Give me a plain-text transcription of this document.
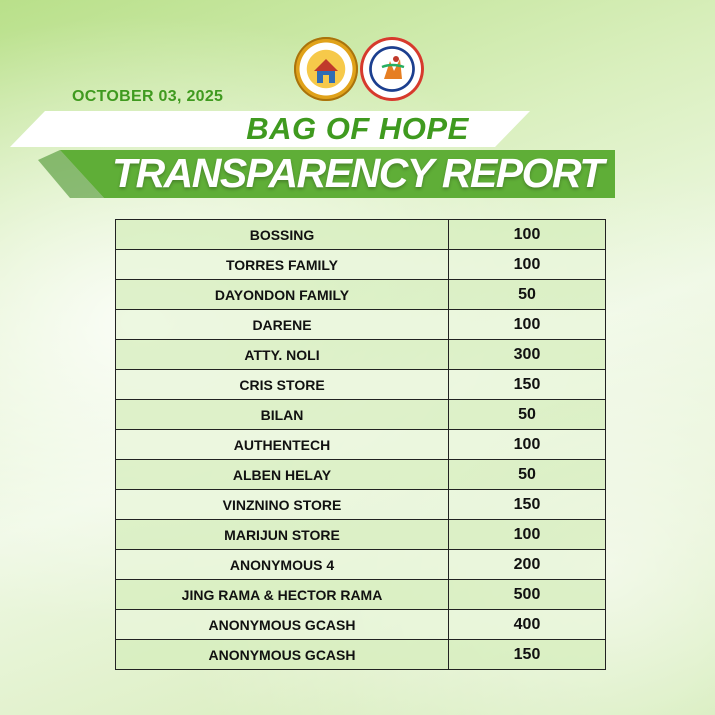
OCTOBER 03, 2025
BAG OF HOPE
TRANSPARENCY REPORT
BOSSING	100
TORRES FAMILY	100
DAYONDON FAMILY	50
DARENE	100
ATTY. NOLI	300
CRIS STORE	150
BILAN	50
AUTHENTECH	100
ALBEN HELAY	50
VINZNINO STORE	150
MARIJUN STORE	100
ANONYMOUS 4	200
JING RAMA & HECTOR RAMA	500
ANONYMOUS GCASH	400
ANONYMOUS GCASH	150
